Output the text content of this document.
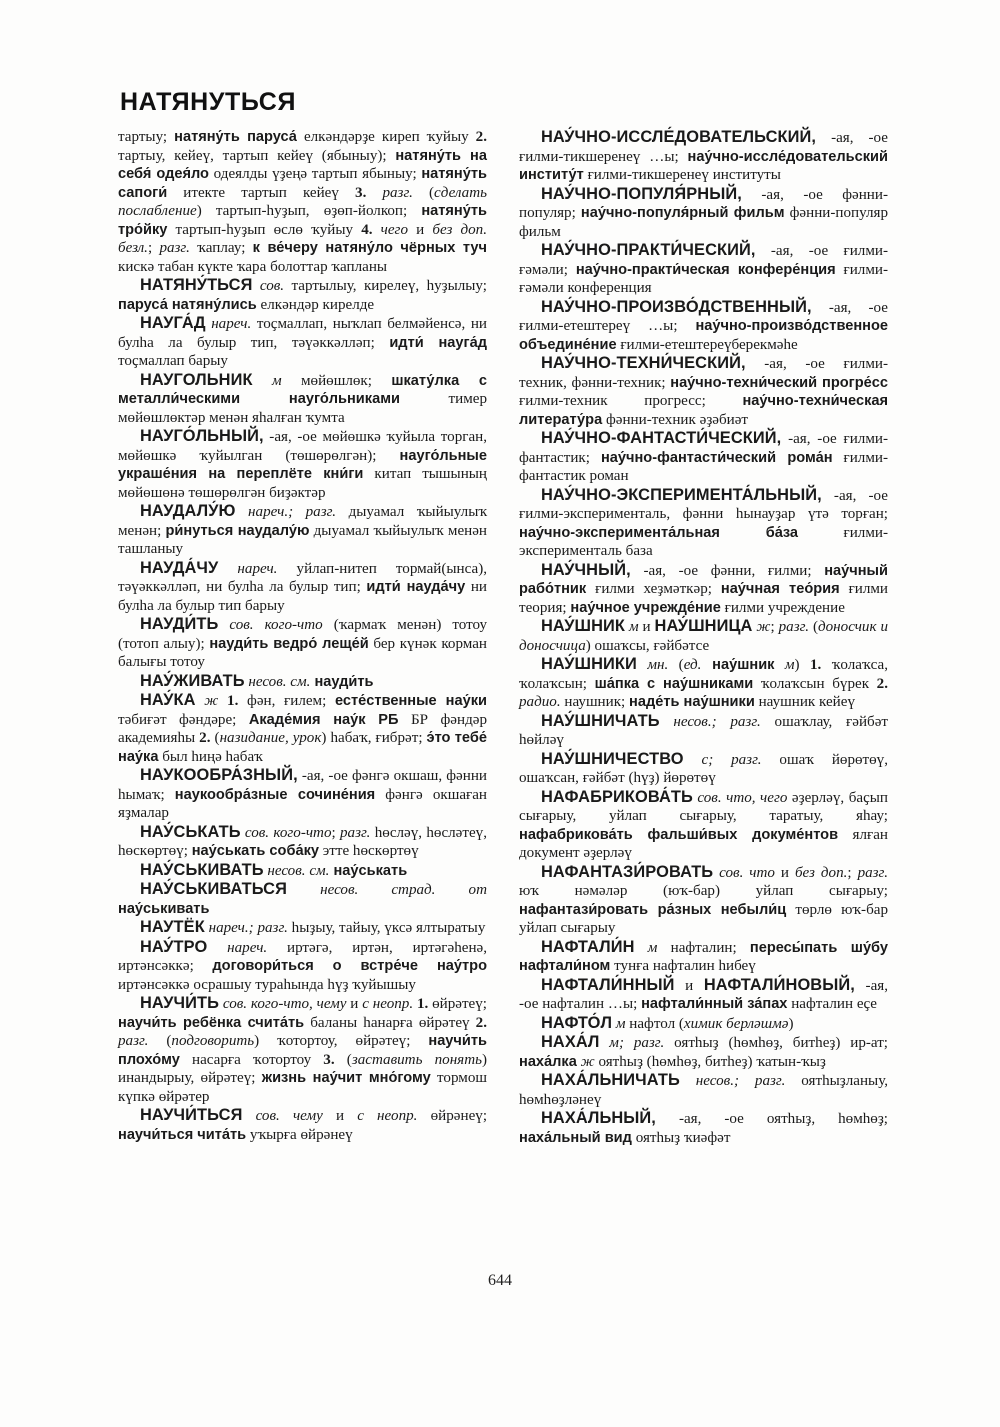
НАТЯНУТЬСЯ

тартыу; натяну́ть паруса́ елкәндәрҙе киреп ҡуйыу 2. тартыу, кейеү, тартып кейеү (ябыныу); натяну́ть на себя́ одея́ло одеялды үҙеңә тартып ябыныу; натяну́ть сапоги́ итекте тартып кейеү 3. разг. (сделать послабление) тартып-һуҙып, өҙөп-йолкоп; натяну́ть тро́йку тартып-һуҙып өслө ҡуйыу 4. чего и без доп. безл.; разг. ҡаплау; к ве́черу натяну́ло чёрных туч кискә табан күкте ҡара болоттар ҡапланы

НАТЯНУ́ТЬСЯ сов. тартылыу, кирелеү, һуҙылыу; паруса́ натяну́лись елкәндәр кирелде

НАУГА́Д нареч. тоҫмаллап, ныҡлап белмәйенсә, ни булһа ла булыр тип, тәүәккәлләп; идти́ науга́д тоҫмаллап барыу

НАУГОЛЬНИК м мөйөшлөк; шкату́лка с металли́ческими науго́льниками тимер мөйөшлөктәр менән яһалған ҡумта

НАУГО́ЛЬНЫЙ, -ая, -ое мөйөшкә ҡуйыла торган, мөйөшкә ҡуйылган (төшөрөлгән); науго́льные украше́ния на переплёте кни́ги китап тышының мөйөшөнә төшөрөлгән биҙәктәр

НАУДАЛУ́Ю нареч.; разг. дыуамал ҡыйыулыҡ менән; ри́нуться наудалу́ю дыуамал ҡыйыулыҡ менән ташланыу

НАУДА́ЧУ нареч. уйлап-нитеп тормай(ынса), тәүәккәлләп, ни булһа ла булыр тип; идти́ науда́чу ни булһа ла булыр тип барыу

НАУДИ́ТЬ сов. кого-что (ҡармаҡ менән) тотоу (тотоп алыу); науди́ть ведро́ леще́й бер күнәк корман балығы тотоу

НАУ́ЖИВАТЬ несов. см. науди́ть

НАУ́КА ж 1. фән, ғилем; есте́ственные нау́ки тәбиғәт фәндәре; Акаде́мия нау́к РБ БР фәндәр академияһы 2. (назидание, урок) һабаҡ, ғибрәт; э́то тебе́ нау́ка был һиңә һабаҡ

НАУКООБРА́ЗНЫЙ, -ая, -ое фәнгә окшаш, фәнни һымаҡ; наукообра́зные сочине́ния фәнгә окшаған яҙмалар

НАУ́СЬКАТЬ сов. кого-что; разг. һөсләү, һөсләтеү, һөскөртөү; нау́ськать соба́ку этте һөскөртөү

НАУ́СЬКИВАТЬ несов. см. нау́ськать

НАУ́СЬКИВАТЬСЯ несов. страд. от нау́ськивать

НАУТЁК нареч.; разг. һыҙыу, тайыу, үксә ялтыратыу

НАУ́ТРО нареч. иртәгә, иртән, иртәгәһенә, иртәнсәккә; договори́ться о встре́че нау́тро иртәнсәккә осрашыу тураһында һүҙ ҡуйышыу

НАУЧИ́ТЬ сов. кого-что, чему и с неопр. 1. өйрәтеү; научи́ть ребёнка счита́ть баланы һанарға өйрәтеү 2. разг. (подговорить) ҡотортоу, өйрәтеү; научи́ть плохо́му насарға ҡотортоу 3. (заставить понять) инандырыу, өйрәтеү; жизнь нау́чит мно́гому тормош күпкә өйрәтер

НАУЧИ́ТЬСЯ сов. чему и с неопр. өйрәнеү; научи́ться чита́ть уҡырға өйрәнеү

НАУ́ЧНО-ИССЛЕ́ДОВАТЕЛЬСКИЙ, -ая, -ое ғилми-тикшеренеү …ы; нау́чно-иссле́довательский институ́т ғилми-тикшеренеү институты

НАУ́ЧНО-ПОПУЛЯ́РНЫЙ, -ая, -ое фәнни-популяр; нау́чно-популя́рный фильм фәнни-популяр фильм

НАУ́ЧНО-ПРАКТИ́ЧЕСКИЙ, -ая, -ое ғилми-ғәмәли; нау́чно-практи́ческая конфере́нция ғилми-ғәмәли конференция

НАУ́ЧНО-ПРОИЗВО́ДСТВЕННЫЙ, -ая, -ое ғилми-етештереү …ы; нау́чно-произво́дственное объедине́ние ғилми-етештереүберекмәһе

НАУ́ЧНО-ТЕХНИ́ЧЕСКИЙ, -ая, -ое ғилми-техник, фәнни-техник; нау́чно-техни́ческий прогре́сс ғилми-техник прогресс; нау́чно-техни́ческая литерату́ра фәнни-техник әҙәбиәт

НАУ́ЧНО-ФАНТАСТИ́ЧЕСКИЙ, -ая, -ое ғилми-фантастик; нау́чно-фантасти́ческий рома́н ғилми-фантастик роман

НАУ́ЧНО-ЭКСПЕРИМЕНТА́ЛЬНЫЙ, -ая, -ое ғилми-эксперименталь, фәнни һынауҙар үтә торған; нау́чно-эксперимента́льная ба́за ғилми-эксперименталь база

НАУ́ЧНЫЙ, -ая, -ое фәнни, ғилми; нау́чный рабо́тник ғилми хеҙмәткәр; нау́чная тео́рия ғилми теория; нау́чное учрежде́ние ғилми учреждение

НАУ́ШНИК м и НАУ́ШНИЦА ж; разг. (доносчик и доносчица) ошаҡсы, ғәйбәтсе

НАУ́ШНИКИ мн. (ед. нау́шник м) 1. ҡолаҡса, ҡолаҡсын; ша́пка с нау́шниками ҡолаҡсын бүрек 2. радио. наушник; наде́ть нау́шники наушник кейеү

НАУ́ШНИЧАТЬ несов.; разг. ошаҡлау, ғәйбәт һөйләү

НАУ́ШНИЧЕСТВО с; разг. ошаҡ йөрөтөү, ошаҡсан, ғәйбәт (һүҙ) йөрөтөү

НАФАБРИКОВА́ТЬ сов. что, чего әҙерләү, баҫып сығарыу, уйлап сығарыу, таратыу, яһау; нафабрикова́ть фальши́вых докуме́нтов ялған документ әҙерләү

НАФАНТАЗИ́РОВАТЬ сов. что и без доп.; разг. юҡ нәмәләр (юҡ-бар) уйлап сығарыу; нафантази́ровать ра́зных небыли́ц төрлө юҡ-бар уйлап сығарыу

НАФТАЛИ́Н м нафталин; пересы́пать шу́бу нафтали́ном тунға нафталин һибеү

НАФТАЛИ́ННЫЙ и НАФТАЛИ́НОВЫЙ, -ая, -ое нафталин …ы; нафтали́нный за́пах нафталин еҫе

НАФТО́Л м нафтол (химик берләшмә)

НАХА́Л м; разг. оятһыҙ (һөмһөҙ, битһеҙ) ир-ат; наха́лка ж оятһыҙ (һөмһөҙ, битһеҙ) ҡатын-ҡыҙ

НАХА́ЛЬНИЧАТЬ несов.; разг. оятһыҙланыу, һөмһөҙләнеү

НАХА́ЛЬНЫЙ, -ая, -ое оятһыҙ, һөмһөҙ; наха́льный вид оятһыҙ ҡиәфәт

644
